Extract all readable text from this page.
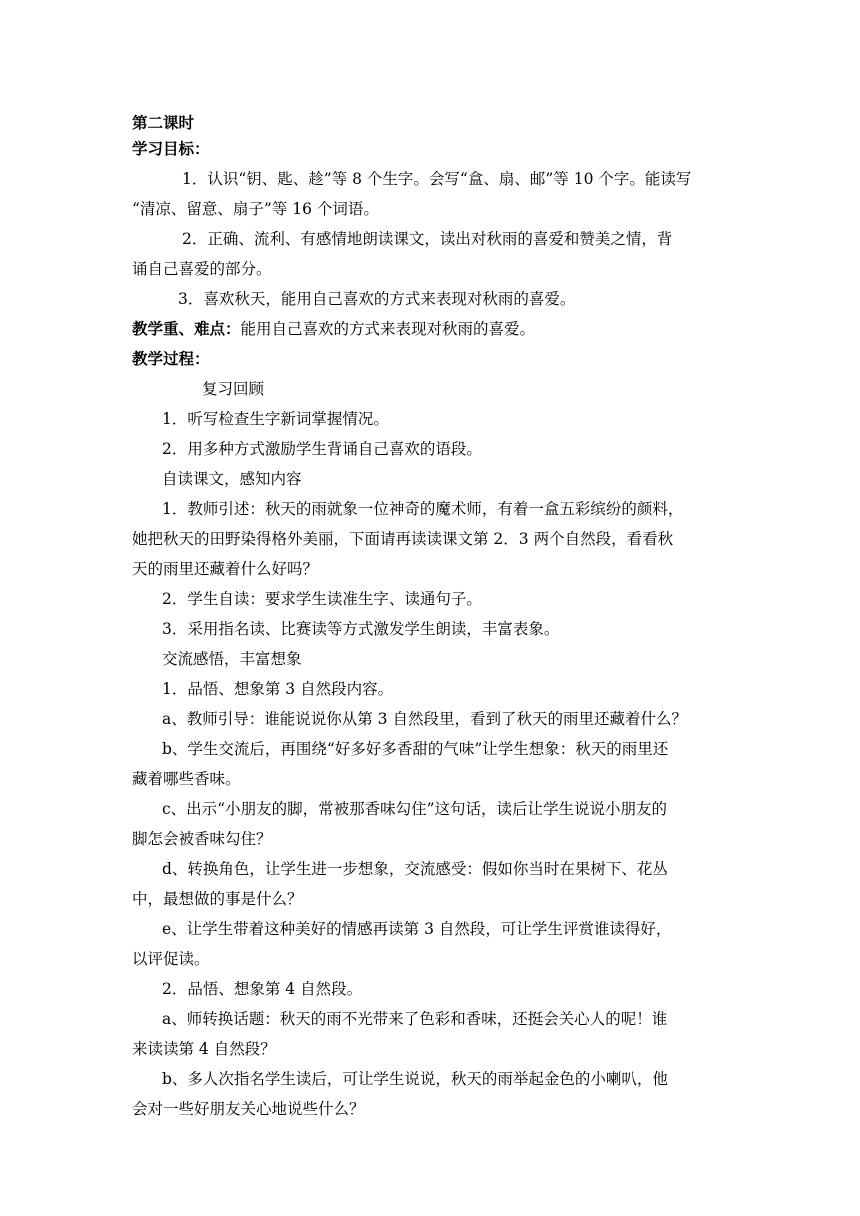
第二课时
学习目标：
1．认识“钥、匙、趁”等 8 个生字。会写“盒、扇、邮”等 10 个字。能读写
“清凉、留意、扇子”等 16 个词语。
2．正确、流利、有感情地朗读课文，读出对秋雨的喜爱和赞美之情，背
诵自己喜爱的部分。
3．喜欢秋天，能用自己喜欢的方式来表现对秋雨的喜爱。
教学重、难点：能用自己喜欢的方式来表现对秋雨的喜爱。
教学过程：
复习回顾
1．听写检查生字新词掌握情况。
2．用多种方式激励学生背诵自己喜欢的语段。
自读课文，感知内容
1．教师引述：秋天的雨就象一位神奇的魔术师，有着一盒五彩缤纷的颜料，
她把秋天的田野染得格外美丽，下面请再读读课文第 2．3 两个自然段，看看秋
天的雨里还藏着什么好吗？
2．学生自读：要求学生读准生字、读通句子。
3．采用指名读、比赛读等方式激发学生朗读，丰富表象。
交流感悟，丰富想象
1．品悟、想象第 3 自然段内容。
a、教师引导：谁能说说你从第 3 自然段里，看到了秋天的雨里还藏着什么？
b、学生交流后，再围绕“好多好多香甜的气味”让学生想象：秋天的雨里还
藏着哪些香味。
c、出示“小朋友的脚，常被那香味勾住”这句话，读后让学生说说小朋友的
脚怎会被香味勾住？
d、转换角色，让学生进一步想象，交流感受：假如你当时在果树下、花丛
中，最想做的事是什么？
e、让学生带着这种美好的情感再读第 3 自然段，可让学生评赏谁读得好，
以评促读。
2．品悟、想象第 4 自然段。
a、师转换话题：秋天的雨不光带来了色彩和香味，还挺会关心人的呢！谁
来读读第 4 自然段？
b、多人次指名学生读后，可让学生说说，秋天的雨举起金色的小喇叭，他
会对一些好朋友关心地说些什么？
